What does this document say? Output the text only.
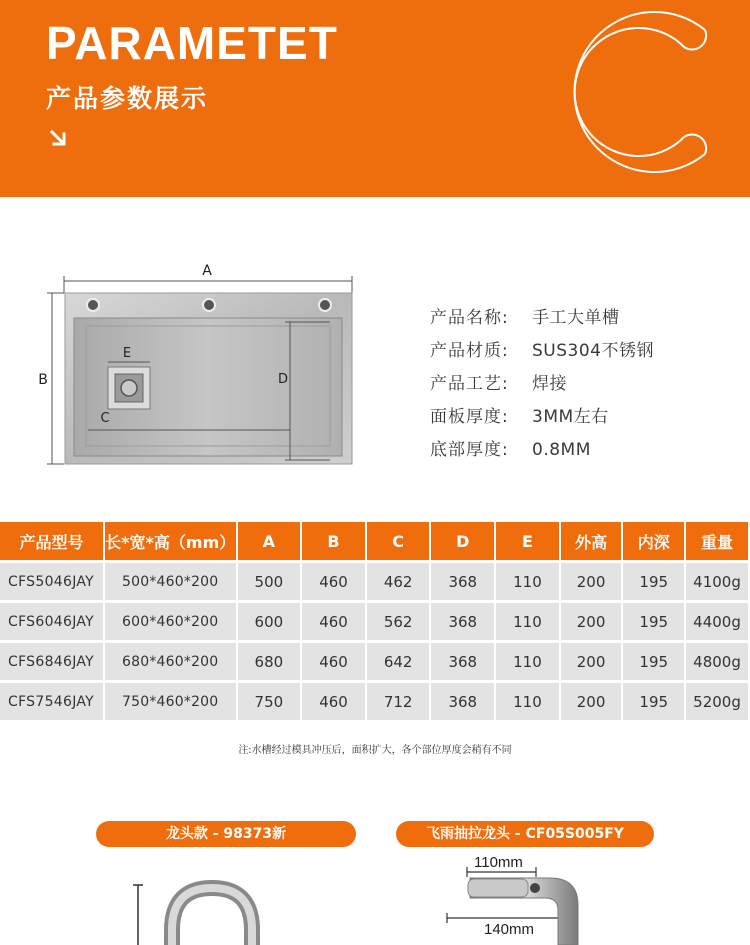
PARAMETET
产品参数展示
A
B
E
C
D
产品名称: 手工大单槽
产品材质: SUS304不锈钢
产品工艺: 焊接
面板厚度: 3MM左右
底部厚度: 0.8MM
产品型号	长*宽*高（mm）	A	B	C	D	E	外高	内深	重量
CFS5046JAY	500*460*200	500	460	462	368	110	200	195	4100g
CFS6046JAY	600*460*200	600	460	562	368	110	200	195	4400g
CFS6846JAY	680*460*200	680	460	642	368	110	200	195	4800g
CFS7546JAY	750*460*200	750	460	712	368	110	200	195	5200g
注:水槽经过模具冲压后，面积扩大，各个部位厚度会稍有不同
龙头款 - 98373新	飞雨抽拉龙头 - CF05S005FY
110mm
140mm
